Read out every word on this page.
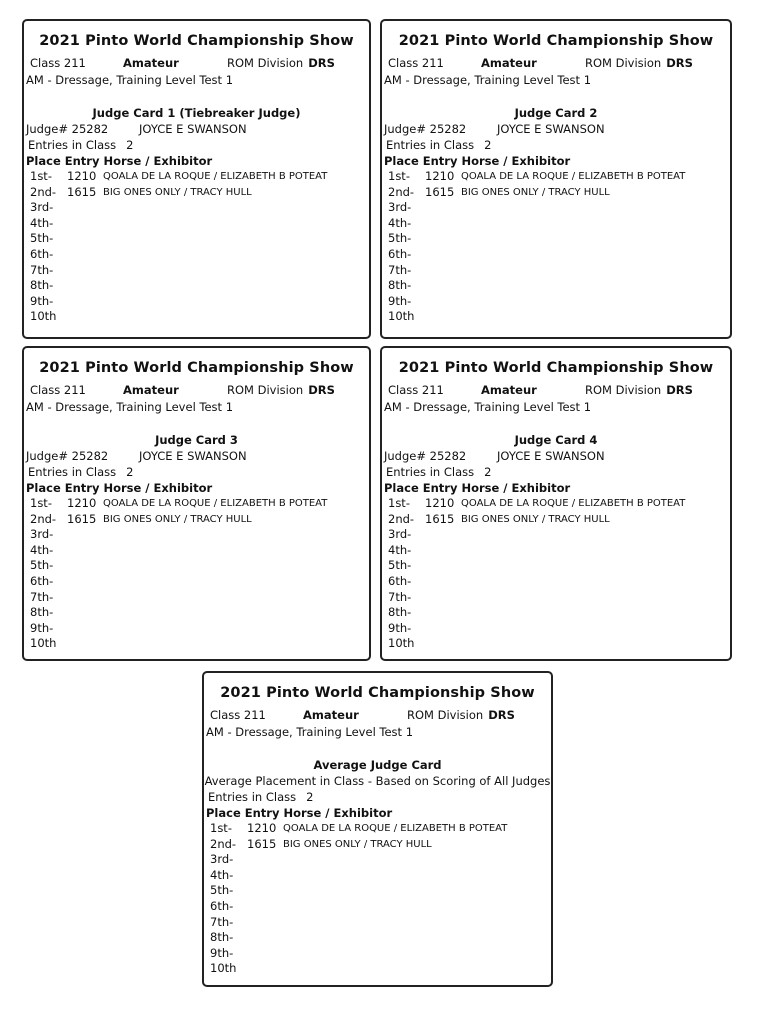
2021 Pinto World Championship Show
Class 211	Amateur	ROM Division DRS
AM - Dressage, Training Level Test 1
Judge Card 1 (Tiebreaker Judge)
Judge# 25282	JOYCE E SWANSON
Entries in Class 2
Place Entry Horse / Exhibitor
1st- 1210 QOALA DE LA ROQUE / ELIZABETH B POTEAT
2nd- 1615 BIG ONES ONLY / TRACY HULL
3rd-
4th-
5th-
6th-
7th-
8th-
9th-
10th
2021 Pinto World Championship Show
Class 211	Amateur	ROM Division DRS
AM - Dressage, Training Level Test 1
Judge Card 2
Judge# 25282	JOYCE E SWANSON
Entries in Class 2
Place Entry Horse / Exhibitor
1st- 1210 QOALA DE LA ROQUE / ELIZABETH B POTEAT
2nd- 1615 BIG ONES ONLY / TRACY HULL
3rd-
4th-
5th-
6th-
7th-
8th-
9th-
10th
2021 Pinto World Championship Show
Class 211	Amateur	ROM Division DRS
AM - Dressage, Training Level Test 1
Judge Card 3
Judge# 25282	JOYCE E SWANSON
Entries in Class 2
Place Entry Horse / Exhibitor
1st- 1210 QOALA DE LA ROQUE / ELIZABETH B POTEAT
2nd- 1615 BIG ONES ONLY / TRACY HULL
3rd-
4th-
5th-
6th-
7th-
8th-
9th-
10th
2021 Pinto World Championship Show
Class 211	Amateur	ROM Division DRS
AM - Dressage, Training Level Test 1
Judge Card 4
Judge# 25282	JOYCE E SWANSON
Entries in Class 2
Place Entry Horse / Exhibitor
1st- 1210 QOALA DE LA ROQUE / ELIZABETH B POTEAT
2nd- 1615 BIG ONES ONLY / TRACY HULL
3rd-
4th-
5th-
6th-
7th-
8th-
9th-
10th
2021 Pinto World Championship Show
Class 211	Amateur	ROM Division DRS
AM - Dressage, Training Level Test 1
Average Judge Card
Average Placement in Class - Based on Scoring of All Judges
Entries in Class 2
Place Entry Horse / Exhibitor
1st- 1210 QOALA DE LA ROQUE / ELIZABETH B POTEAT
2nd- 1615 BIG ONES ONLY / TRACY HULL
3rd-
4th-
5th-
6th-
7th-
8th-
9th-
10th
